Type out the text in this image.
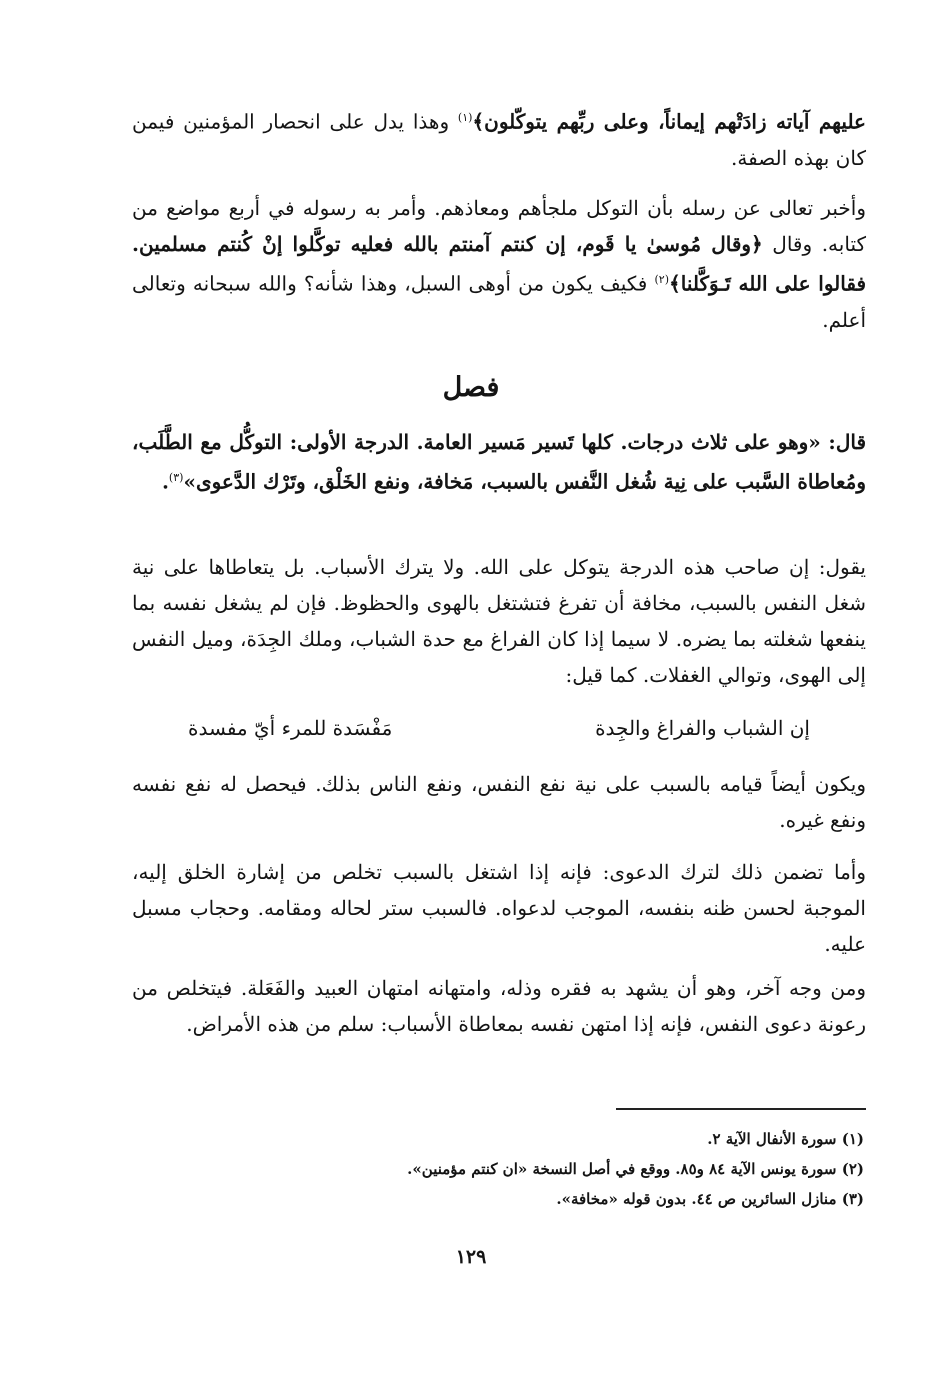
عليهم آياته زادَتْهم إيماناً، وعلى ربِّهم يتوكّلون﴾$^{(١)}$ وهذا يدل على انحصار المؤمنين فيمن كان بهذه الصفة.
وأخبر تعالى عن رسله بأن التوكل ملجأهم ومعاذهم. وأمر به رسوله في أربع مواضع من كتابه. وقال ﴿وقال مُوسىٰ يا قَوم، إن كنتم آمنتم بالله فعليه توكَّلوا إنْ كُنتم مسلمين. فقالوا على الله تَـوَكَّلنا﴾$^{(٢)}$ فكيف يكون من أوهى السبل، وهذا شأنه؟ والله سبحانه وتعالى أعلم.
فصل
قال: «وهو على ثلاث درجات. كلها تَسير مَسير العامة. الدرجة الأولى: التوكُّل مع الطَّلَب، ومُعاطاة السَّبب على نِية شُغل النَّفس بالسبب، مَخافة، ونفع الخَلْق، وتَرْك الدَّعوى»$^{(٣)}$.
يقول: إن صاحب هذه الدرجة يتوكل على الله. ولا يترك الأسباب. بل يتعاطاها على نية شغل النفس بالسبب، مخافة أن تفرغ فتشتغل بالهوى والحظوظ. فإن لم يشغل نفسه بما ينفعها شغلته بما يضره. لا سيما إذا كان الفراغ مع حدة الشباب، وملك الجِدَة، وميل النفس إلى الهوى، وتوالي الغفلات. كما قيل:
إن الشباب والفراغ والجِدة
مَفْسَدة للمرء أيّ مفسدة
ويكون أيضاً قيامه بالسبب على نية نفع النفس، ونفع الناس بذلك. فيحصل له نفع نفسه ونفع غيره.
وأما تضمن ذلك لترك الدعوى: فإنه إذا اشتغل بالسبب تخلص من إشارة الخلق إليه، الموجبة لحسن ظنه بنفسه، الموجب لدعواه. فالسبب ستر لحاله ومقامه. وحجاب مسبل عليه.
ومن وجه آخر، وهو أن يشهد به فقره وذله، وامتهانه امتهان العبيد والفَعَلة. فيتخلص من رعونة دعوى النفس، فإنه إذا امتهن نفسه بمعاطاة الأسباب: سلم من هذه الأمراض.
(١) سورة الأنفال الآية ٢.
(٢) سورة يونس الآية ٨٤ و٨٥. ووقع في أصل النسخة «ان كنتم مؤمنين».
(٣) منازل السائرين ص ٤٤. بدون قوله «مخافة».
١٢٩
